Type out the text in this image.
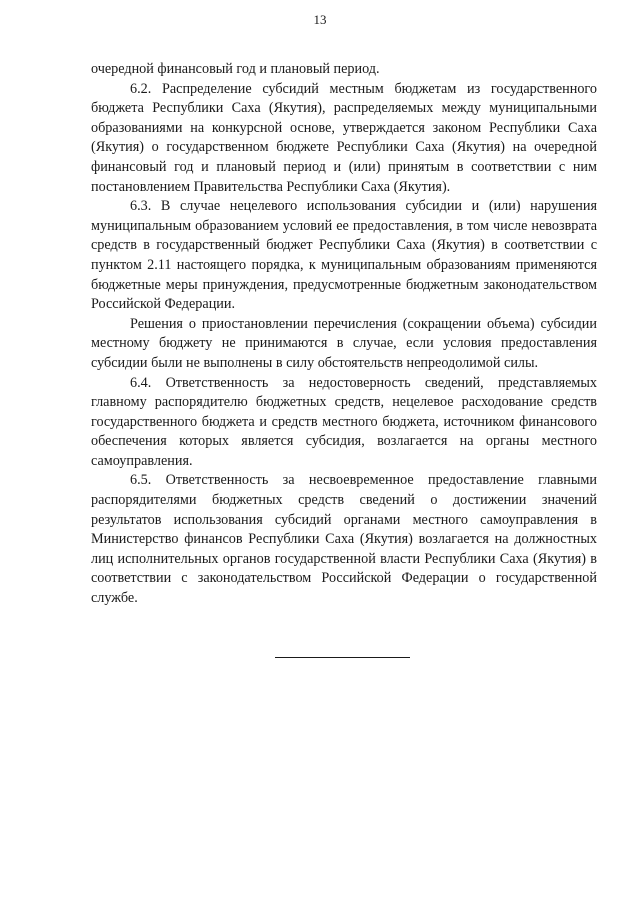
13

очередной финансовый год и плановый период.

6.2. Распределение субсидий местным бюджетам из государственного бюджета Республики Саха (Якутия), распределяемых между муниципальными образованиями на конкурсной основе, утверждается законом Республики Саха (Якутия) о государственном бюджете Республики Саха (Якутия) на очередной финансовый год и плановый период и (или) принятым в соответствии с ним постановлением Правительства Республики Саха (Якутия).

6.3. В случае нецелевого использования субсидии и (или) нарушения муниципальным образованием условий ее предоставления, в том числе невозврата средств в государственный бюджет Республики Саха (Якутия) в соответствии с пунктом 2.11 настоящего порядка, к муниципальным образованиям применяются бюджетные меры принуждения, предусмотренные бюджетным законодательством Российской Федерации.

Решения о приостановлении перечисления (сокращении объема) субсидии местному бюджету не принимаются в случае, если условия предоставления субсидии были не выполнены в силу обстоятельств непреодолимой силы.

6.4. Ответственность за недостоверность сведений, представляемых главному распорядителю бюджетных средств, нецелевое расходование средств государственного бюджета и средств местного бюджета, источником финансового обеспечения которых является субсидия, возлагается на органы местного самоуправления.

6.5. Ответственность за несвоевременное предоставление главными распорядителями бюджетных средств сведений о достижении значений результатов использования субсидий органами местного самоуправления в Министерство финансов Республики Саха (Якутия) возлагается на должностных лиц исполнительных органов государственной власти Республики Саха (Якутия) в соответствии с законодательством Российской Федерации о государственной службе.
